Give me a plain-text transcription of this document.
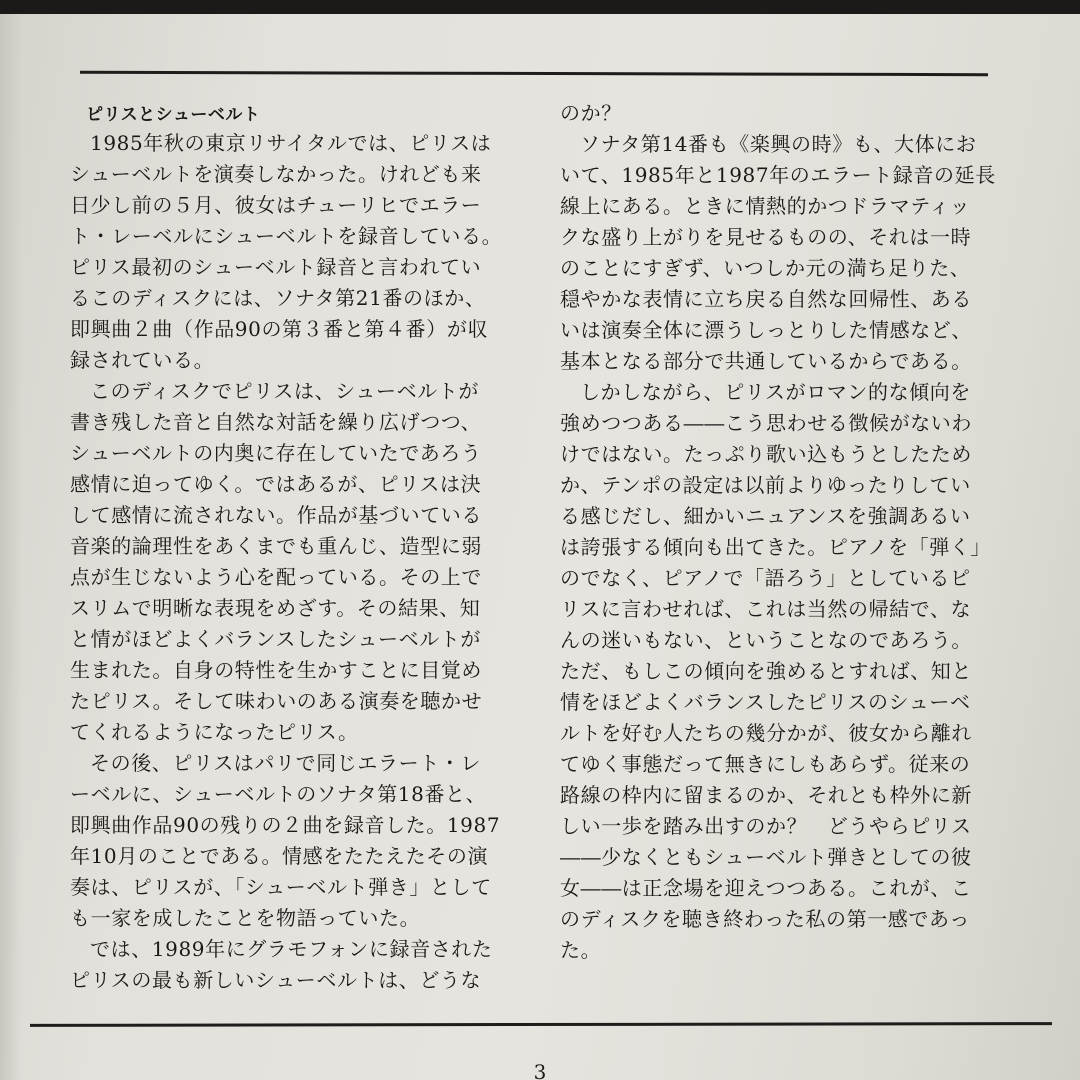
ピリスとシューベルト
1985年秋の東京リサイタルでは、ピリスは
シューベルトを演奏しなかった。けれども来
日少し前の５月、彼女はチューリヒでエラー
ト・レーベルにシューベルトを録音している。
ピリス最初のシューベルト録音と言われてい
るこのディスクには、ソナタ第21番のほか、
即興曲２曲（作品90の第３番と第４番）が収
録されている。
このディスクでピリスは、シューベルトが
書き残した音と自然な対話を繰り広げつつ、
シューベルトの内奥に存在していたであろう
感情に迫ってゆく。ではあるが、ピリスは決
して感情に流されない。作品が基づいている
音楽的論理性をあくまでも重んじ、造型に弱
点が生じないよう心を配っている。その上で
スリムで明晰な表現をめざす。その結果、知
と情がほどよくバランスしたシューベルトが
生まれた。自身の特性を生かすことに目覚め
たピリス。そして味わいのある演奏を聴かせ
てくれるようになったピリス。
その後、ピリスはパリで同じエラート・レ
ーベルに、シューベルトのソナタ第18番と、
即興曲作品90の残りの２曲を録音した。1987
年10月のことである。情感をたたえたその演
奏は、ピリスが、「シューベルト弾き」として
も一家を成したことを物語っていた。
では、1989年にグラモフォンに録音された
ピリスの最も新しいシューベルトは、どうな
のか？
ソナタ第14番も《楽興の時》も、大体にお
いて、1985年と1987年のエラート録音の延長
線上にある。ときに情熱的かつドラマティッ
クな盛り上がりを見せるものの、それは一時
のことにすぎず、いつしか元の満ち足りた、
穏やかな表情に立ち戻る自然な回帰性、ある
いは演奏全体に漂うしっとりした情感など、
基本となる部分で共通しているからである。
しかしながら、ピリスがロマン的な傾向を
強めつつある――こう思わせる徴候がないわ
けではない。たっぷり歌い込もうとしたため
か、テンポの設定は以前よりゆったりしてい
る感じだし、細かいニュアンスを強調あるい
は誇張する傾向も出てきた。ピアノを「弾く」
のでなく、ピアノで「語ろう」としているピ
リスに言わせれば、これは当然の帰結で、な
んの迷いもない、ということなのであろう。
ただ、もしこの傾向を強めるとすれば、知と
情をほどよくバランスしたピリスのシューベ
ルトを好む人たちの幾分かが、彼女から離れ
てゆく事態だって無きにしもあらず。従来の
路線の枠内に留まるのか、それとも枠外に新
しい一歩を踏み出すのか？　どうやらピリス
――少なくともシューベルト弾きとしての彼
女――は正念場を迎えつつある。これが、こ
のディスクを聴き終わった私の第一感であっ
た。
3
